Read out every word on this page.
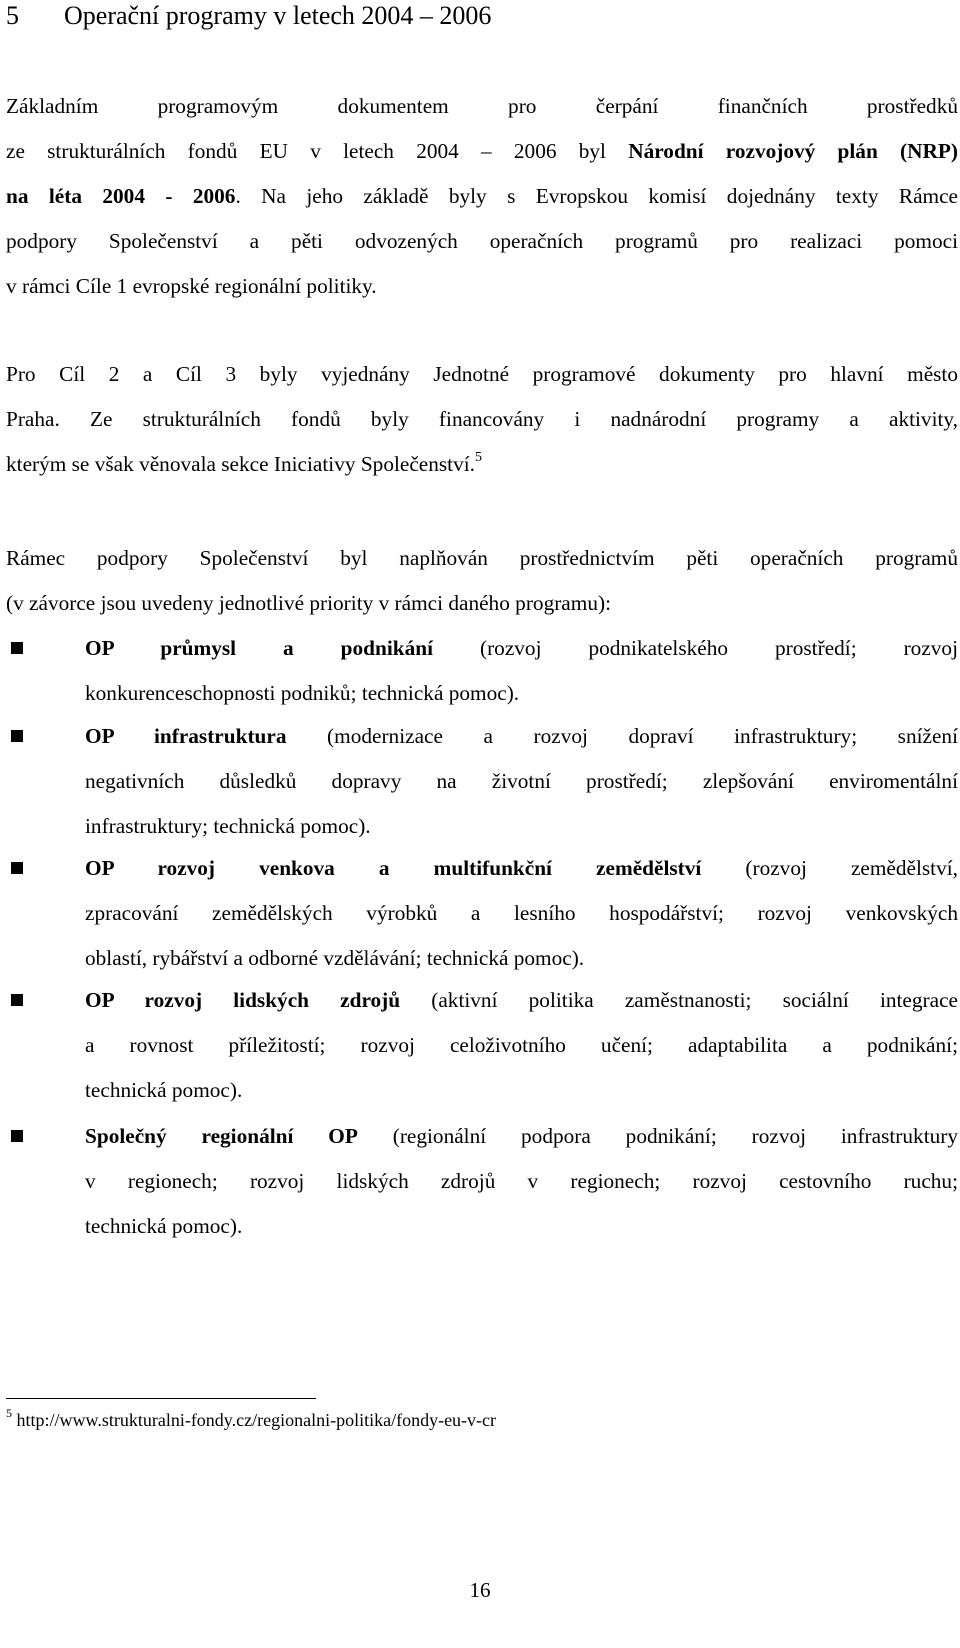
5 Operační programy v letech 2004 – 2006
Základním programovým dokumentem pro čerpání finančních prostředků
ze strukturálních fondů EU v letech 2004 – 2006 byl Národní rozvojový plán (NRP)
na léta 2004 - 2006. Na jeho základě byly s Evropskou komisí dojednány texty Rámce
podpory Společenství a pěti odvozených operačních programů pro realizaci pomoci
v rámci Cíle 1 evropské regionální politiky.
Pro Cíl 2 a Cíl 3 byly vyjednány Jednotné programové dokumenty pro hlavní město
Praha. Ze strukturálních fondů byly financovány i nadnárodní programy a aktivity,
kterým se však věnovala sekce Iniciativy Společenství.$^5$
Rámec podpory Společenství byl naplňován prostřednictvím pěti operačních programů
(v závorce jsou uvedeny jednotlivé priority v rámci daného programu):
OP průmysl a podnikání (rozvoj podnikatelského prostředí; rozvoj
konkurenceschopnosti podniků; technická pomoc).
OP infrastruktura (modernizace a rozvoj dopraví infrastruktury; snížení
negativních důsledků dopravy na životní prostředí; zlepšování enviromentální
infrastruktury; technická pomoc).
OP rozvoj venkova a multifunkční zemědělství (rozvoj zemědělství,
zpracování zemědělských výrobků a lesního hospodářství; rozvoj venkovských
oblastí, rybářství a odborné vzdělávání; technická pomoc).
OP rozvoj lidských zdrojů (aktivní politika zaměstnanosti; sociální integrace
a rovnost příležitostí; rozvoj celoživotního učení; adaptabilita a podnikání;
technická pomoc).
Společný regionální OP (regionální podpora podnikání; rozvoj infrastruktury
v regionech; rozvoj lidských zdrojů v regionech; rozvoj cestovního ruchu;
technická pomoc).
$^5$ http://www.strukturalni-fondy.cz/regionalni-politika/fondy-eu-v-cr
16
